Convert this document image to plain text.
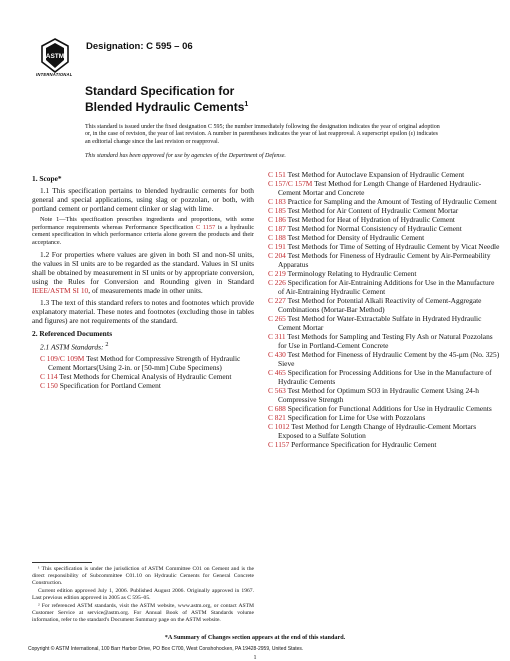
ASTM
INTERNATIONAL
Designation: C 595 – 06
Standard Specification for
Blended Hydraulic Cements$^1$
This standard is issued under the fixed designation C 595; the number immediately following the designation indicates the year of original adoption or, in the case of revision, the year of last revision. A number in parentheses indicates the year of last reapproval. A superscript epsilon (ε) indicates an editorial change since the last revision or reapproval.
This standard has been approved for use by agencies of the Department of Defense.
1. Scope*
1.1 This specification pertains to blended hydraulic cements for both general and special applications, using slag or pozzolan, or both, with portland cement or portland cement clinker or slag with lime.
Note 1—This specification prescribes ingredients and proportions, with some performance requirements whereas Performance Specification C 1157 is a hydraulic cement specification in which performance criteria alone govern the products and their acceptance.
1.2 For properties where values are given in both SI and non-SI units, the values in SI units are to be regarded as the standard. Values in SI units shall be obtained by measurement in SI units or by appropriate conversion, using the Rules for Conversion and Rounding given in Standard IEEE/ASTM SI 10, of measurements made in other units.
1.3 The text of this standard refers to notes and footnotes which provide explanatory material. These notes and footnotes (excluding those in tables and figures) are not requirements of the standard.
2. Referenced Documents
2.1 ASTM Standards: $^2$
C 109/C 109M Test Method for Compressive Strength of Hydraulic Cement Mortars(Using 2-in. or [50-mm] Cube Specimens)
C 114 Test Methods for Chemical Analysis of Hydraulic Cement
C 150 Specification for Portland Cement
C 151 Test Method for Autoclave Expansion of Hydraulic Cement
C 157/C 157M Test Method for Length Change of Hardened Hydraulic-Cement Mortar and Concrete
C 183 Practice for Sampling and the Amount of Testing of Hydraulic Cement
C 185 Test Method for Air Content of Hydraulic Cement Mortar
C 186 Test Method for Heat of Hydration of Hydraulic Cement
C 187 Test Method for Normal Consistency of Hydraulic Cement
C 188 Test Method for Density of Hydraulic Cement
C 191 Test Methods for Time of Setting of Hydraulic Cement by Vicat Needle
C 204 Test Methods for Fineness of Hydraulic Cement by Air-Permeability Apparatus
C 219 Terminology Relating to Hydraulic Cement
C 226 Specification for Air-Entraining Additions for Use in the Manufacture of Air-Entraining Hydraulic Cement
C 227 Test Method for Potential Alkali Reactivity of Cement-Aggregate Combinations (Mortar-Bar Method)
C 265 Test Method for Water-Extractable Sulfate in Hydrated Hydraulic Cement Mortar
C 311 Test Methods for Sampling and Testing Fly Ash or Natural Pozzolans for Use in Portland-Cement Concrete
C 430 Test Method for Fineness of Hydraulic Cement by the 45-μm (No. 325) Sieve
C 465 Specification for Processing Additions for Use in the Manufacture of Hydraulic Cements
C 563 Test Method for Optimum SO3 in Hydraulic Cement Using 24-h Compressive Strength
C 688 Specification for Functional Additions for Use in Hydraulic Cements
C 821 Specification for Lime for Use with Pozzolans
C 1012 Test Method for Length Change of Hydraulic-Cement Mortars Exposed to a Sulfate Solution
C 1157 Performance Specification for Hydraulic Cement
¹ This specification is under the jurisdiction of ASTM Committee C01 on Cement and is the direct responsibility of Subcommittee C01.10 on Hydraulic Cements for General Concrete Construction.
Current edition approved July 1, 2006. Published August 2006. Originally approved in 1967. Last previous edition approved in 2005 as C 595–05.
² For referenced ASTM standards, visit the ASTM website, www.astm.org, or contact ASTM Customer Service at service@astm.org. For Annual Book of ASTM Standards volume information, refer to the standard's Document Summary page on the ASTM website.
*A Summary of Changes section appears at the end of this standard.
Copyright © ASTM International, 100 Barr Harbor Drive, PO Box C700, West Conshohocken, PA 19428-2959, United States.
1
